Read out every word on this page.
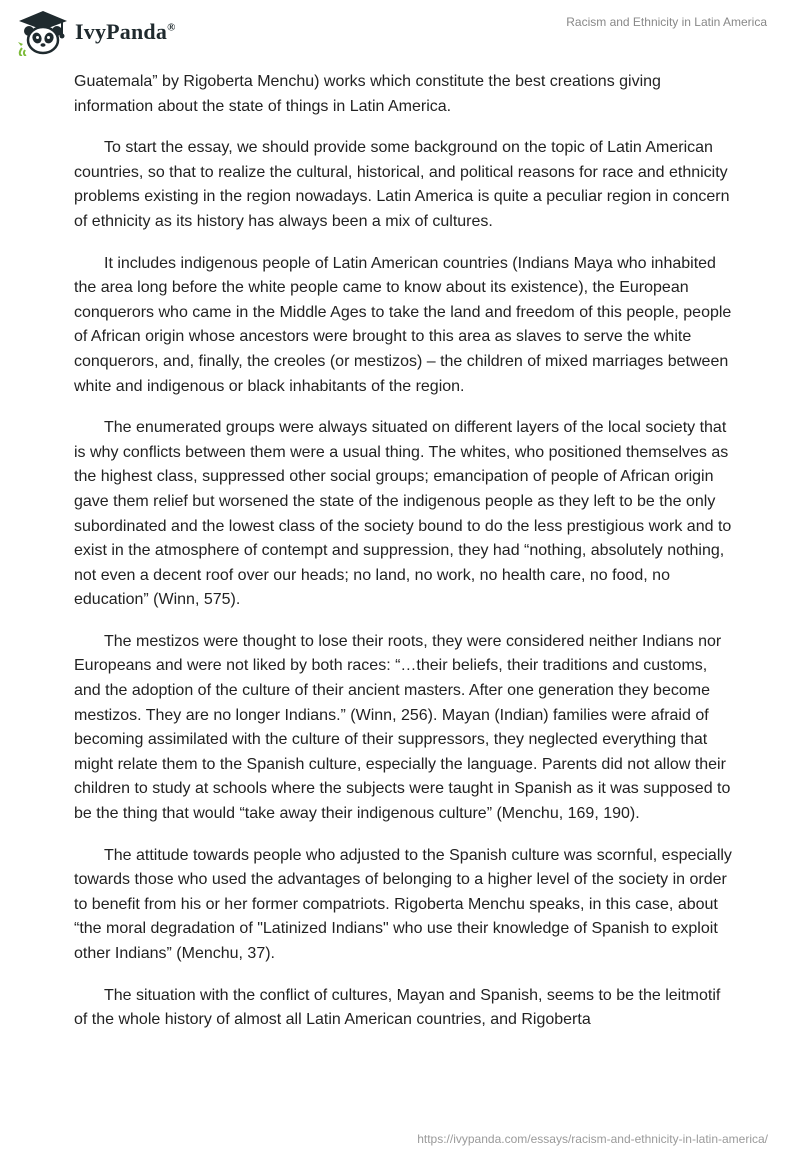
IvyPanda®	Racism and Ethnicity in Latin America

Guatemala” by Rigoberta Menchu) works which constitute the best creations giving information about the state of things in Latin America.

To start the essay, we should provide some background on the topic of Latin American countries, so that to realize the cultural, historical, and political reasons for race and ethnicity problems existing in the region nowadays. Latin America is quite a peculiar region in concern of ethnicity as its history has always been a mix of cultures.

It includes indigenous people of Latin American countries (Indians Maya who inhabited the area long before the white people came to know about its existence), the European conquerors who came in the Middle Ages to take the land and freedom of this people, people of African origin whose ancestors were brought to this area as slaves to serve the white conquerors, and, finally, the creoles (or mestizos) – the children of mixed marriages between white and indigenous or black inhabitants of the region.

The enumerated groups were always situated on different layers of the local society that is why conflicts between them were a usual thing. The whites, who positioned themselves as the highest class, suppressed other social groups; emancipation of people of African origin gave them relief but worsened the state of the indigenous people as they left to be the only subordinated and the lowest class of the society bound to do the less prestigious work and to exist in the atmosphere of contempt and suppression, they had “nothing, absolutely nothing, not even a decent roof over our heads; no land, no work, no health care, no food, no education” (Winn, 575).

The mestizos were thought to lose their roots, they were considered neither Indians nor Europeans and were not liked by both races: “…their beliefs, their traditions and customs, and the adoption of the culture of their ancient masters. After one generation they become mestizos. They are no longer Indians.” (Winn, 256). Mayan (Indian) families were afraid of becoming assimilated with the culture of their suppressors, they neglected everything that might relate them to the Spanish culture, especially the language. Parents did not allow their children to study at schools where the subjects were taught in Spanish as it was supposed to be the thing that would “take away their indigenous culture” (Menchu, 169, 190).

The attitude towards people who adjusted to the Spanish culture was scornful, especially towards those who used the advantages of belonging to a higher level of the society in order to benefit from his or her former compatriots. Rigoberta Menchu speaks, in this case, about “the moral degradation of "Latinized Indians" who use their knowledge of Spanish to exploit other Indians” (Menchu, 37).

The situation with the conflict of cultures, Mayan and Spanish, seems to be the leitmotif of the whole history of almost all Latin American countries, and Rigoberta

https://ivypanda.com/essays/racism-and-ethnicity-in-latin-america/
